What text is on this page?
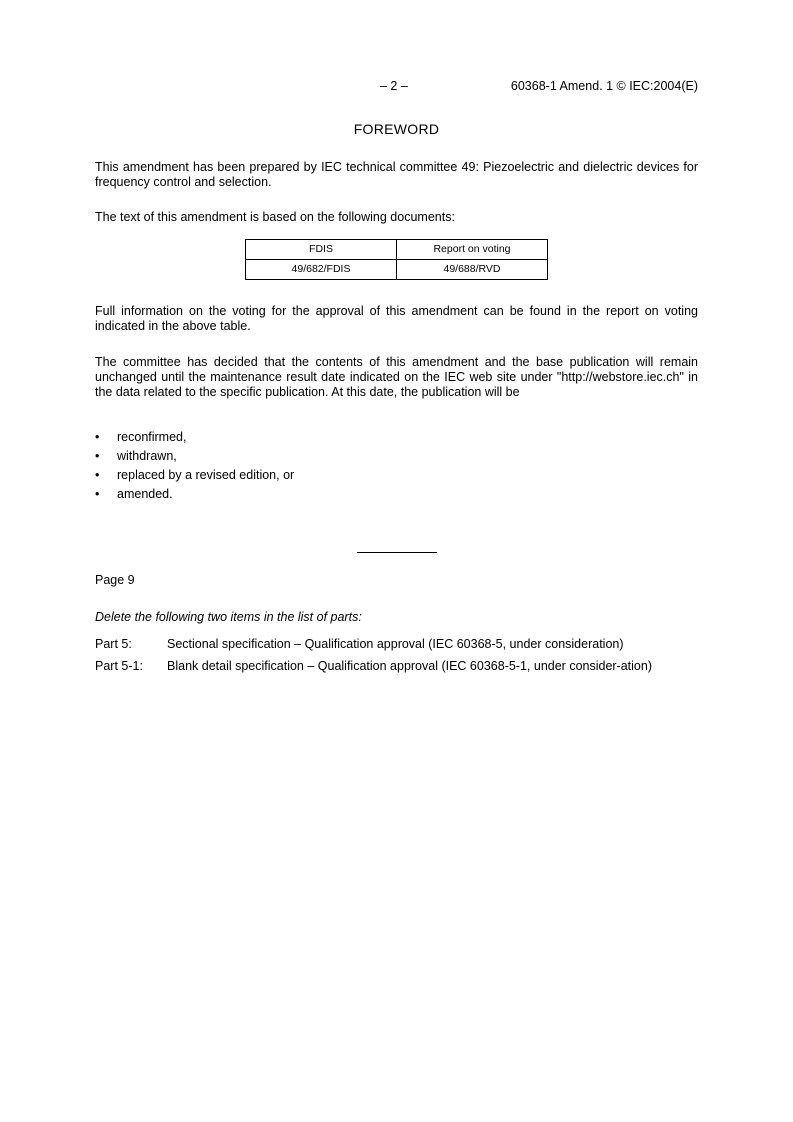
– 2 –	60368-1 Amend. 1 © IEC:2004(E)
FOREWORD

This amendment has been prepared by IEC technical committee 49: Piezoelectric and dielectric devices for frequency control and selection.

The text of this amendment is based on the following documents:

FDIS	Report on voting
49/682/FDIS	49/688/RVD

Full information on the voting for the approval of this amendment can be found in the report on voting indicated in the above table.

The committee has decided that the contents of this amendment and the base publication will remain unchanged until the maintenance result date indicated on the IEC web site under "http://webstore.iec.ch" in the data related to the specific publication. At this date, the publication will be

• reconfirmed,
• withdrawn,
• replaced by a revised edition, or
• amended.
Page 9
Delete the following two items in the list of parts:
Part 5:	Sectional specification – Qualification approval (IEC 60368-5, under consideration)
Part 5-1:	Blank detail specification – Qualification approval (IEC 60368-5-1, under consider-ation)
